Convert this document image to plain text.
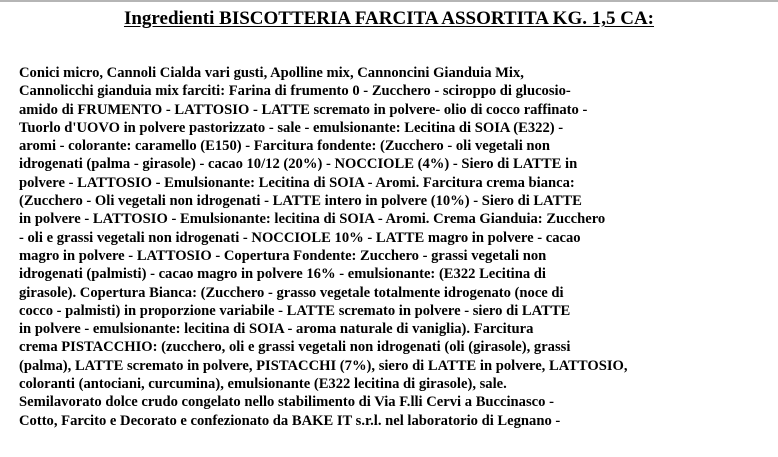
Ingredienti BISCOTTERIA FARCITA ASSORTITA KG. 1,5 CA:
Conici micro, Cannoli Cialda vari gusti, Apolline mix, Cannoncini Gianduia Mix,
Cannolicchi gianduia mix farciti: Farina di frumento 0 - Zucchero - sciroppo di glucosio-
amido di FRUMENTO - LATTOSIO - LATTE scremato in polvere- olio di cocco raffinato -
Tuorlo d'UOVO in polvere pastorizzato - sale - emulsionante: Lecitina di SOIA (E322) -
aromi - colorante: caramello (E150) - Farcitura fondente: (Zucchero - oli vegetali non
idrogenati (palma - girasole) - cacao 10/12 (20%) - NOCCIOLE (4%) - Siero di LATTE in
polvere - LATTOSIO - Emulsionante: Lecitina di SOIA - Aromi. Farcitura crema bianca:
(Zucchero - Oli vegetali non idrogenati - LATTE intero in polvere (10%) - Siero di LATTE
in polvere - LATTOSIO - Emulsionante: lecitina di SOIA - Aromi. Crema Gianduia: Zucchero
- oli e grassi vegetali non idrogenati - NOCCIOLE 10% - LATTE magro in polvere - cacao
magro in polvere - LATTOSIO - Copertura Fondente: Zucchero - grassi vegetali non
idrogenati (palmisti) - cacao magro in polvere 16% - emulsionante: (E322 Lecitina di
girasole). Copertura Bianca: (Zucchero - grasso vegetale totalmente idrogenato (noce di
cocco - palmisti) in proporzione variabile - LATTE scremato in polvere - siero di LATTE
in polvere - emulsionante: lecitina di SOIA - aroma naturale di vaniglia). Farcitura
crema PISTACCHIO: (zucchero, oli e grassi vegetali non idrogenati (oli (girasole), grassi
(palma), LATTE scremato in polvere, PISTACCHI (7%), siero di LATTE in polvere, LATTOSIO,
coloranti (antociani, curcumina), emulsionante (E322 lecitina di girasole), sale.
Semilavorato dolce crudo congelato nello stabilimento di Via F.lli Cervi a Buccinasco -
Cotto, Farcito e Decorato e confezionato da BAKE IT s.r.l. nel laboratorio di Legnano -
